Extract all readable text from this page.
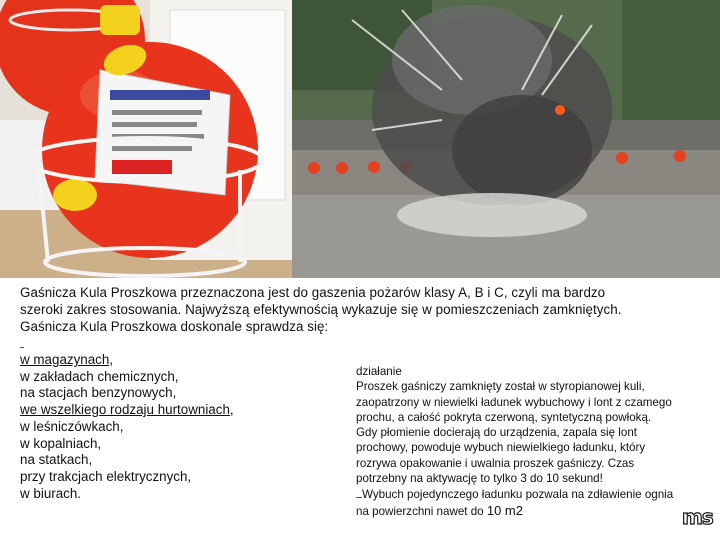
Gaśnicza Kula Proszkowa przeznaczona jest do gaszenia pożarów klasy A, B i C, czyli ma bardzo
szeroki zakres stosowania. Najwyższą efektywnością wykazuje się w pomieszczeniach zamkniętych.
Gaśnicza Kula Proszkowa doskonale sprawdza się:
w magazynach,
w zakładach chemicznych,
na stacjach benzynowych,
we wszelkiego rodzaju hurtowniach,
w leśniczówkach,
w kopalniach,
na statkach,
przy trakcjach elektrycznych,
w biurach.
działanie
Proszek gaśniczy zamknięty został w styropianowej kuli,
zaopatrzony w niewielki ładunek wybuchowy i lont z czamego
prochu, a całość pokryta czerwoną, syntetyczną powłoką.
Gdy płomienie docierają do urządzenia, zapala się lont
prochowy, powoduje wybuch niewielkiego ładunku, który
rozrywa opakowanie i uwalnia proszek gaśniczy. Czas
potrzebny na aktywację to tylko 3 do 10 sekund!
Wybuch pojedynczego ładunku pozwala na zdławienie ognia
na powierzchni nawet do 10 m2	ms
